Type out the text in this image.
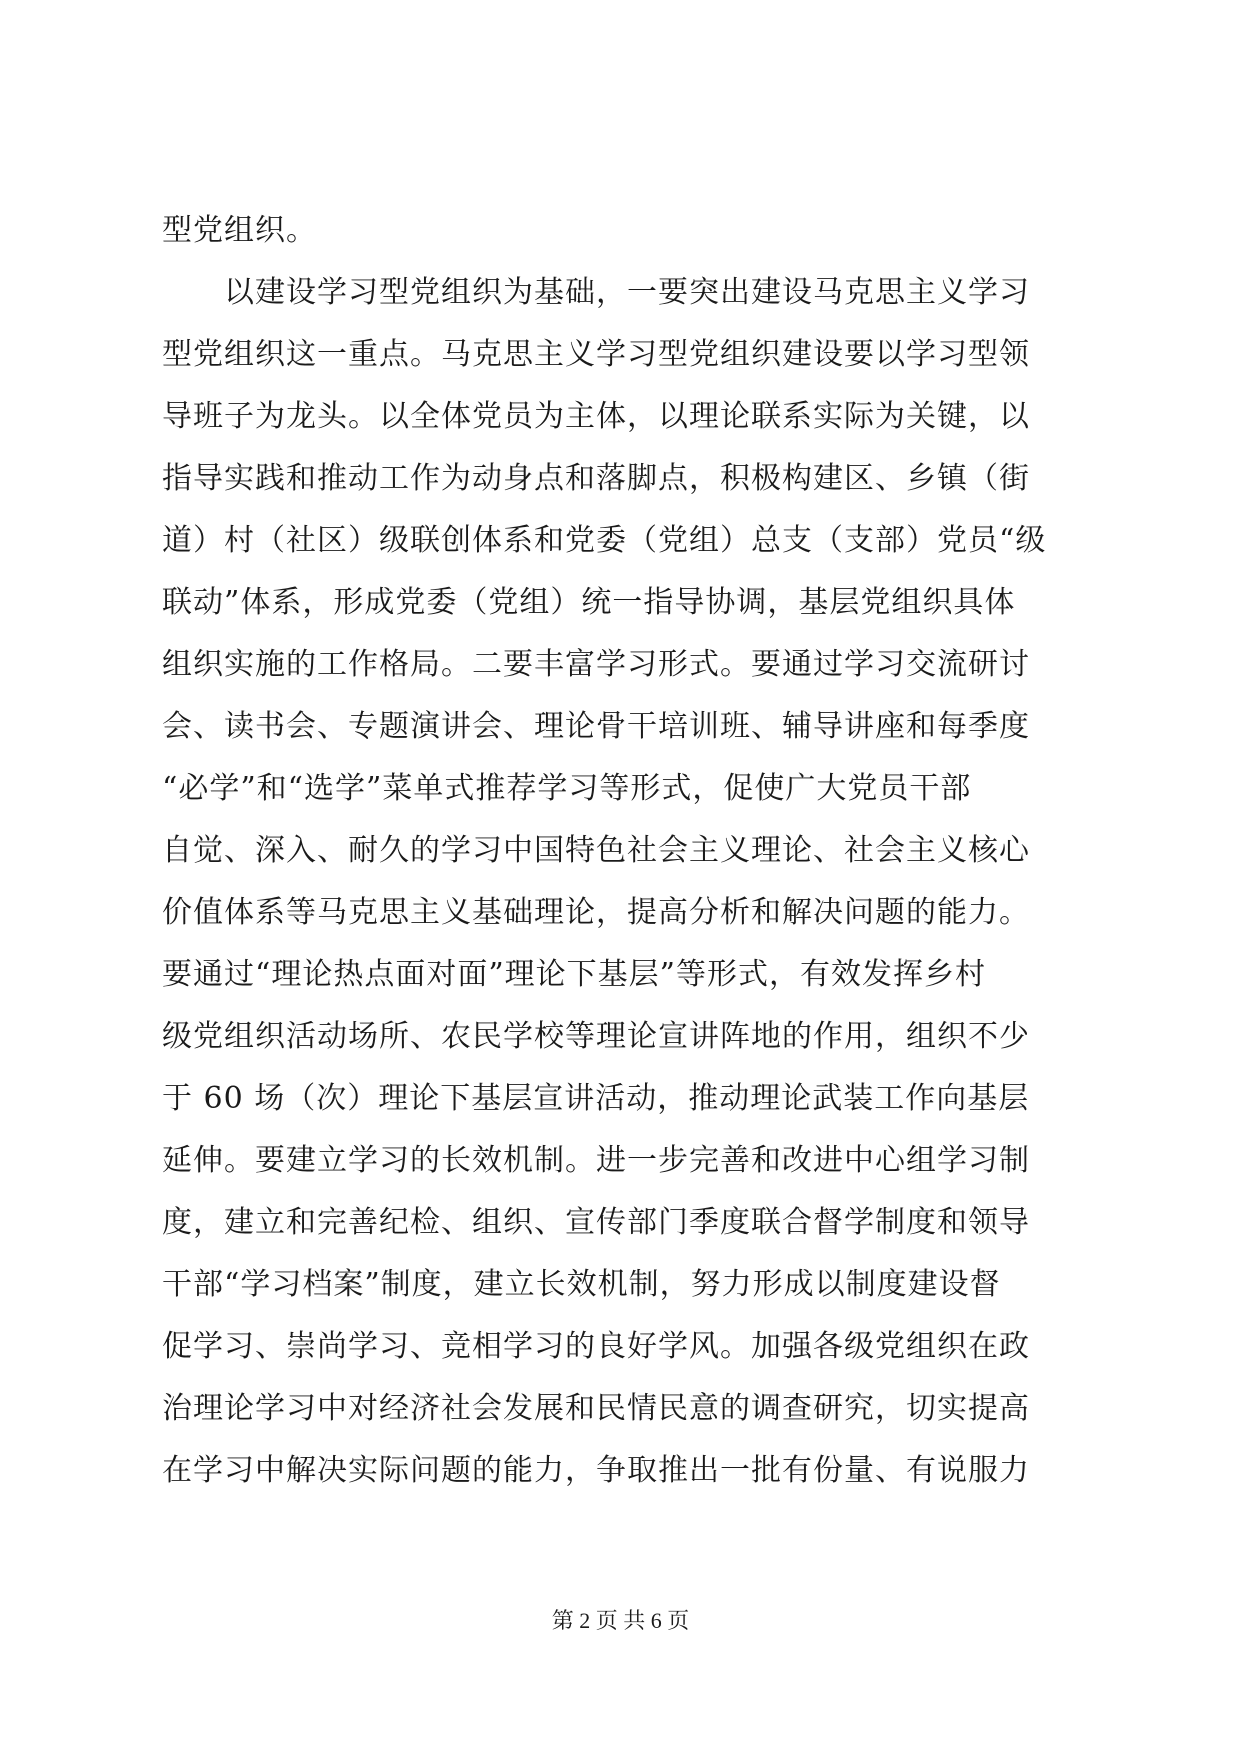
型党组织。
　　以建设学习型党组织为基础，一要突出建设马克思主义学习
型党组织这一重点。马克思主义学习型党组织建设要以学习型领
导班子为龙头。以全体党员为主体，以理论联系实际为关键，以
指导实践和推动工作为动身点和落脚点，积极构建区、乡镇（街
道）村（社区）级联创体系和党委（党组）总支（支部）党员“级
联动”体系，形成党委（党组）统一指导协调，基层党组织具体
组织实施的工作格局。二要丰富学习形式。要通过学习交流研讨
会、读书会、专题演讲会、理论骨干培训班、辅导讲座和每季度
“必学”和“选学”菜单式推荐学习等形式，促使广大党员干部
自觉、深入、耐久的学习中国特色社会主义理论、社会主义核心
价值体系等马克思主义基础理论，提高分析和解决问题的能力。
要通过“理论热点面对面”理论下基层”等形式，有效发挥乡村
级党组织活动场所、农民学校等理论宣讲阵地的作用，组织不少
于 60 场（次）理论下基层宣讲活动，推动理论武装工作向基层
延伸。要建立学习的长效机制。进一步完善和改进中心组学习制
度，建立和完善纪检、组织、宣传部门季度联合督学制度和领导
干部“学习档案”制度，建立长效机制，努力形成以制度建设督
促学习、崇尚学习、竞相学习的良好学风。加强各级党组织在政
治理论学习中对经济社会发展和民情民意的调查研究，切实提高
在学习中解决实际问题的能力，争取推出一批有份量、有说服力
第 2 页 共 6 页
